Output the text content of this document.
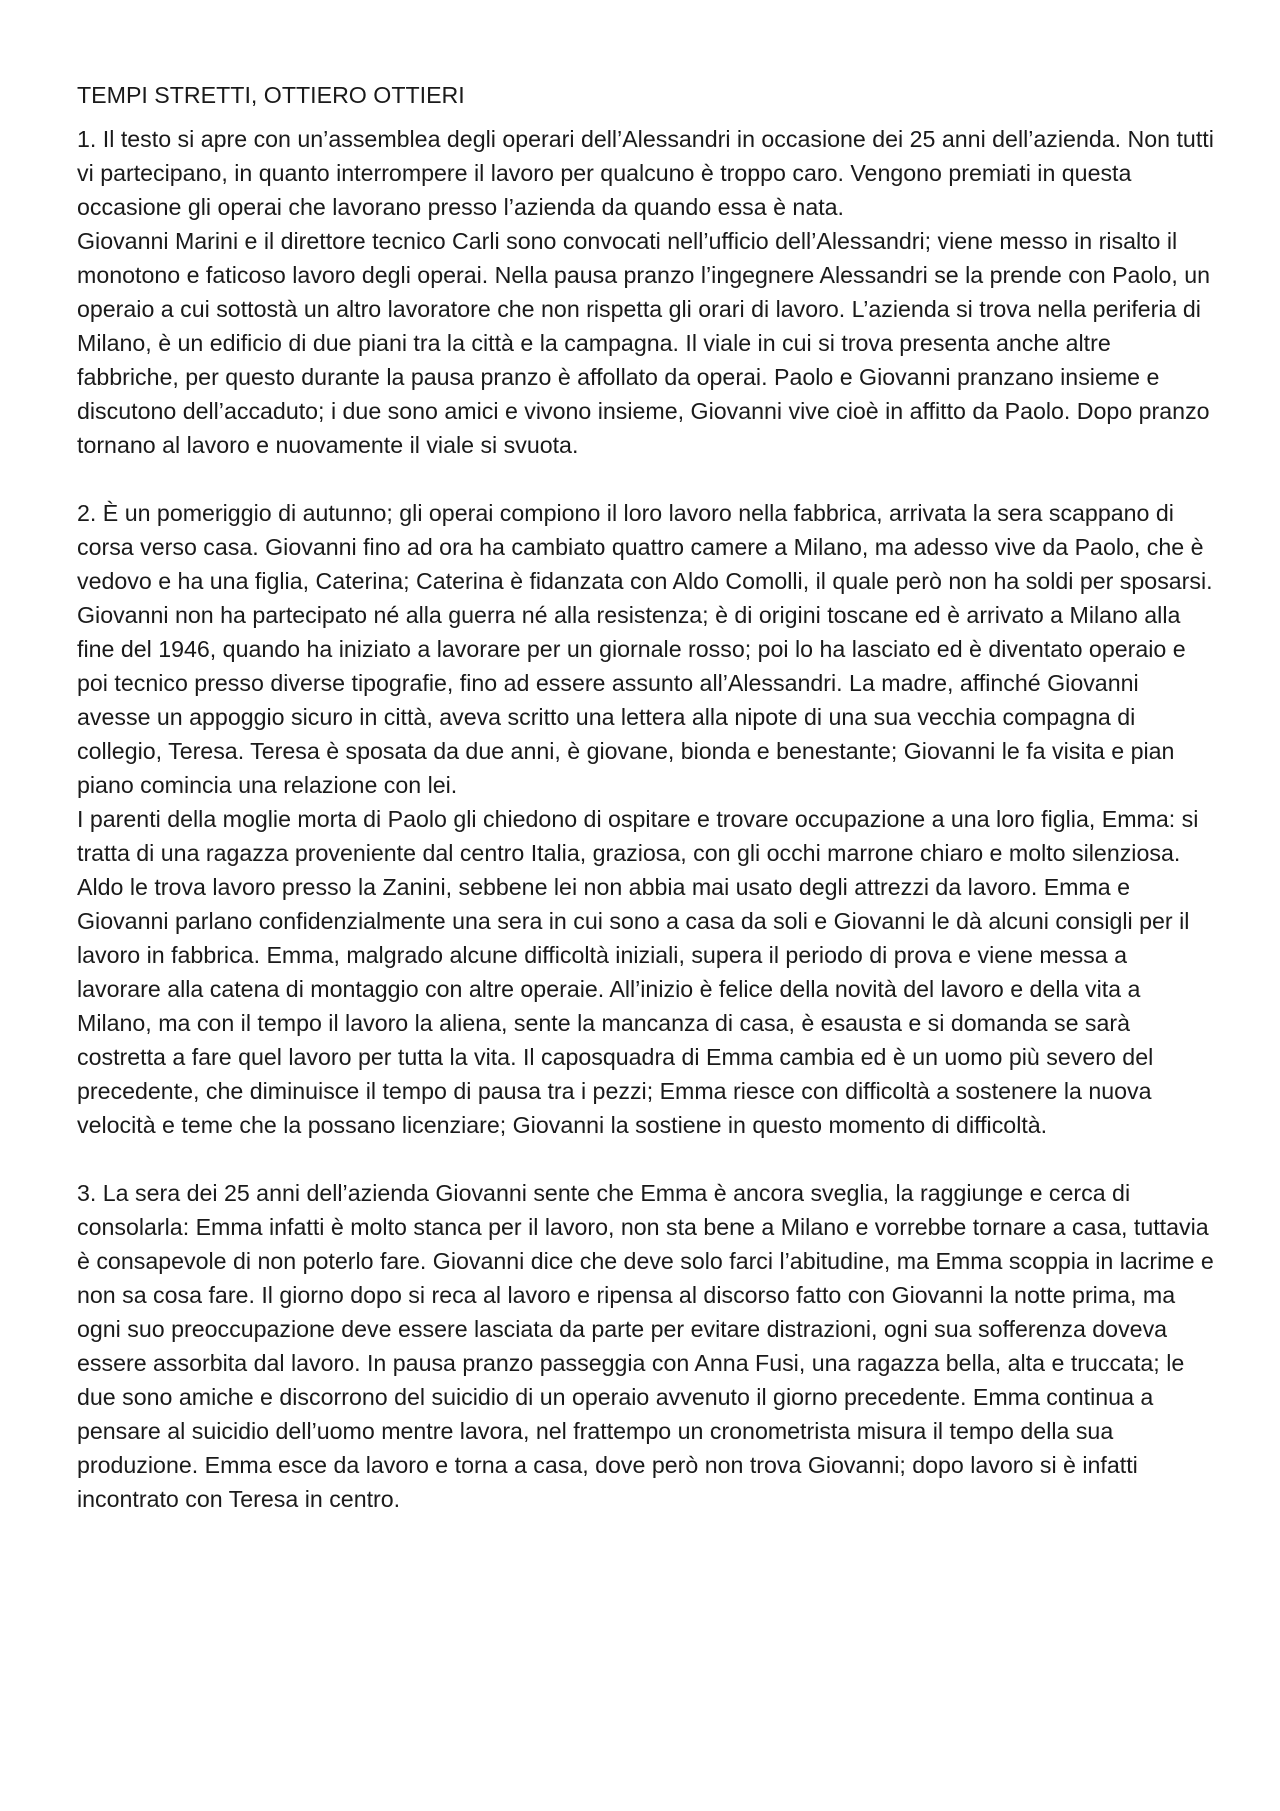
TEMPI STRETTI, OTTIERO OTTIERI

1. Il testo si apre con un’assemblea degli operari dell’Alessandri in occasione dei 25 anni dell’azienda. Non tutti vi partecipano, in quanto interrompere il lavoro per qualcuno è troppo caro. Vengono premiati in questa occasione gli operai che lavorano presso l’azienda da quando essa è nata.

Giovanni Marini e il direttore tecnico Carli sono convocati nell’ufficio dell’Alessandri; viene messo in risalto il monotono e faticoso lavoro degli operai. Nella pausa pranzo l’ingegnere Alessandri se la prende con Paolo, un operaio a cui sottostà un altro lavoratore che non rispetta gli orari di lavoro. L’azienda si trova nella periferia di Milano, è un edificio di due piani tra la città e la campagna. Il viale in cui si trova presenta anche altre fabbriche, per questo durante la pausa pranzo è affollato da operai. Paolo e Giovanni pranzano insieme e discutono dell’accaduto; i due sono amici e vivono insieme, Giovanni vive cioè in affitto da Paolo. Dopo pranzo tornano al lavoro e nuovamente il viale si svuota.

2. È un pomeriggio di autunno; gli operai compiono il loro lavoro nella fabbrica, arrivata la sera scappano di corsa verso casa. Giovanni fino ad ora ha cambiato quattro camere a Milano, ma adesso vive da Paolo, che è vedovo e ha una figlia, Caterina; Caterina è fidanzata con Aldo Comolli, il quale però non ha soldi per sposarsi. Giovanni non ha partecipato né alla guerra né alla resistenza; è di origini toscane ed è arrivato a Milano alla fine del 1946, quando ha iniziato a lavorare per un giornale rosso; poi lo ha lasciato ed è diventato operaio e poi tecnico presso diverse tipografie, fino ad essere assunto all’Alessandri. La madre, affinché Giovanni avesse un appoggio sicuro in città, aveva scritto una lettera alla nipote di una sua vecchia compagna di collegio, Teresa. Teresa è sposata da due anni, è giovane, bionda e benestante; Giovanni le fa visita e pian piano comincia una relazione con lei.

I parenti della moglie morta di Paolo gli chiedono di ospitare e trovare occupazione a una loro figlia, Emma: si tratta di una ragazza proveniente dal centro Italia, graziosa, con gli occhi marrone chiaro e molto silenziosa. Aldo le trova lavoro presso la Zanini, sebbene lei non abbia mai usato degli attrezzi da lavoro. Emma e Giovanni parlano confidenzialmente una sera in cui sono a casa da soli e Giovanni le dà alcuni consigli per il lavoro in fabbrica. Emma, malgrado alcune difficoltà iniziali, supera il periodo di prova e viene messa a lavorare alla catena di montaggio con altre operaie. All’inizio è felice della novità del lavoro e della vita a Milano, ma con il tempo il lavoro la aliena, sente la mancanza di casa, è esausta e si domanda se sarà costretta a fare quel lavoro per tutta la vita. Il caposquadra di Emma cambia ed è un uomo più severo del precedente, che diminuisce il tempo di pausa tra i pezzi; Emma riesce con difficoltà a sostenere la nuova velocità e teme che la possano licenziare; Giovanni la sostiene in questo momento di difficoltà.

3. La sera dei 25 anni dell’azienda Giovanni sente che Emma è ancora sveglia, la raggiunge e cerca di consolarla: Emma infatti è molto stanca per il lavoro, non sta bene a Milano e vorrebbe tornare a casa, tuttavia è consapevole di non poterlo fare. Giovanni dice che deve solo farci l’abitudine, ma Emma scoppia in lacrime e non sa cosa fare. Il giorno dopo si reca al lavoro e ripensa al discorso fatto con Giovanni la notte prima, ma ogni suo preoccupazione deve essere lasciata da parte per evitare distrazioni, ogni sua sofferenza doveva essere assorbita dal lavoro. In pausa pranzo passeggia con Anna Fusi, una ragazza bella, alta e truccata; le due sono amiche e discorrono del suicidio di un operaio avvenuto il giorno precedente. Emma continua a pensare al suicidio dell’uomo mentre lavora, nel frattempo un cronometrista misura il tempo della sua produzione. Emma esce da lavoro e torna a casa, dove però non trova Giovanni; dopo lavoro si è infatti incontrato con Teresa in centro.
